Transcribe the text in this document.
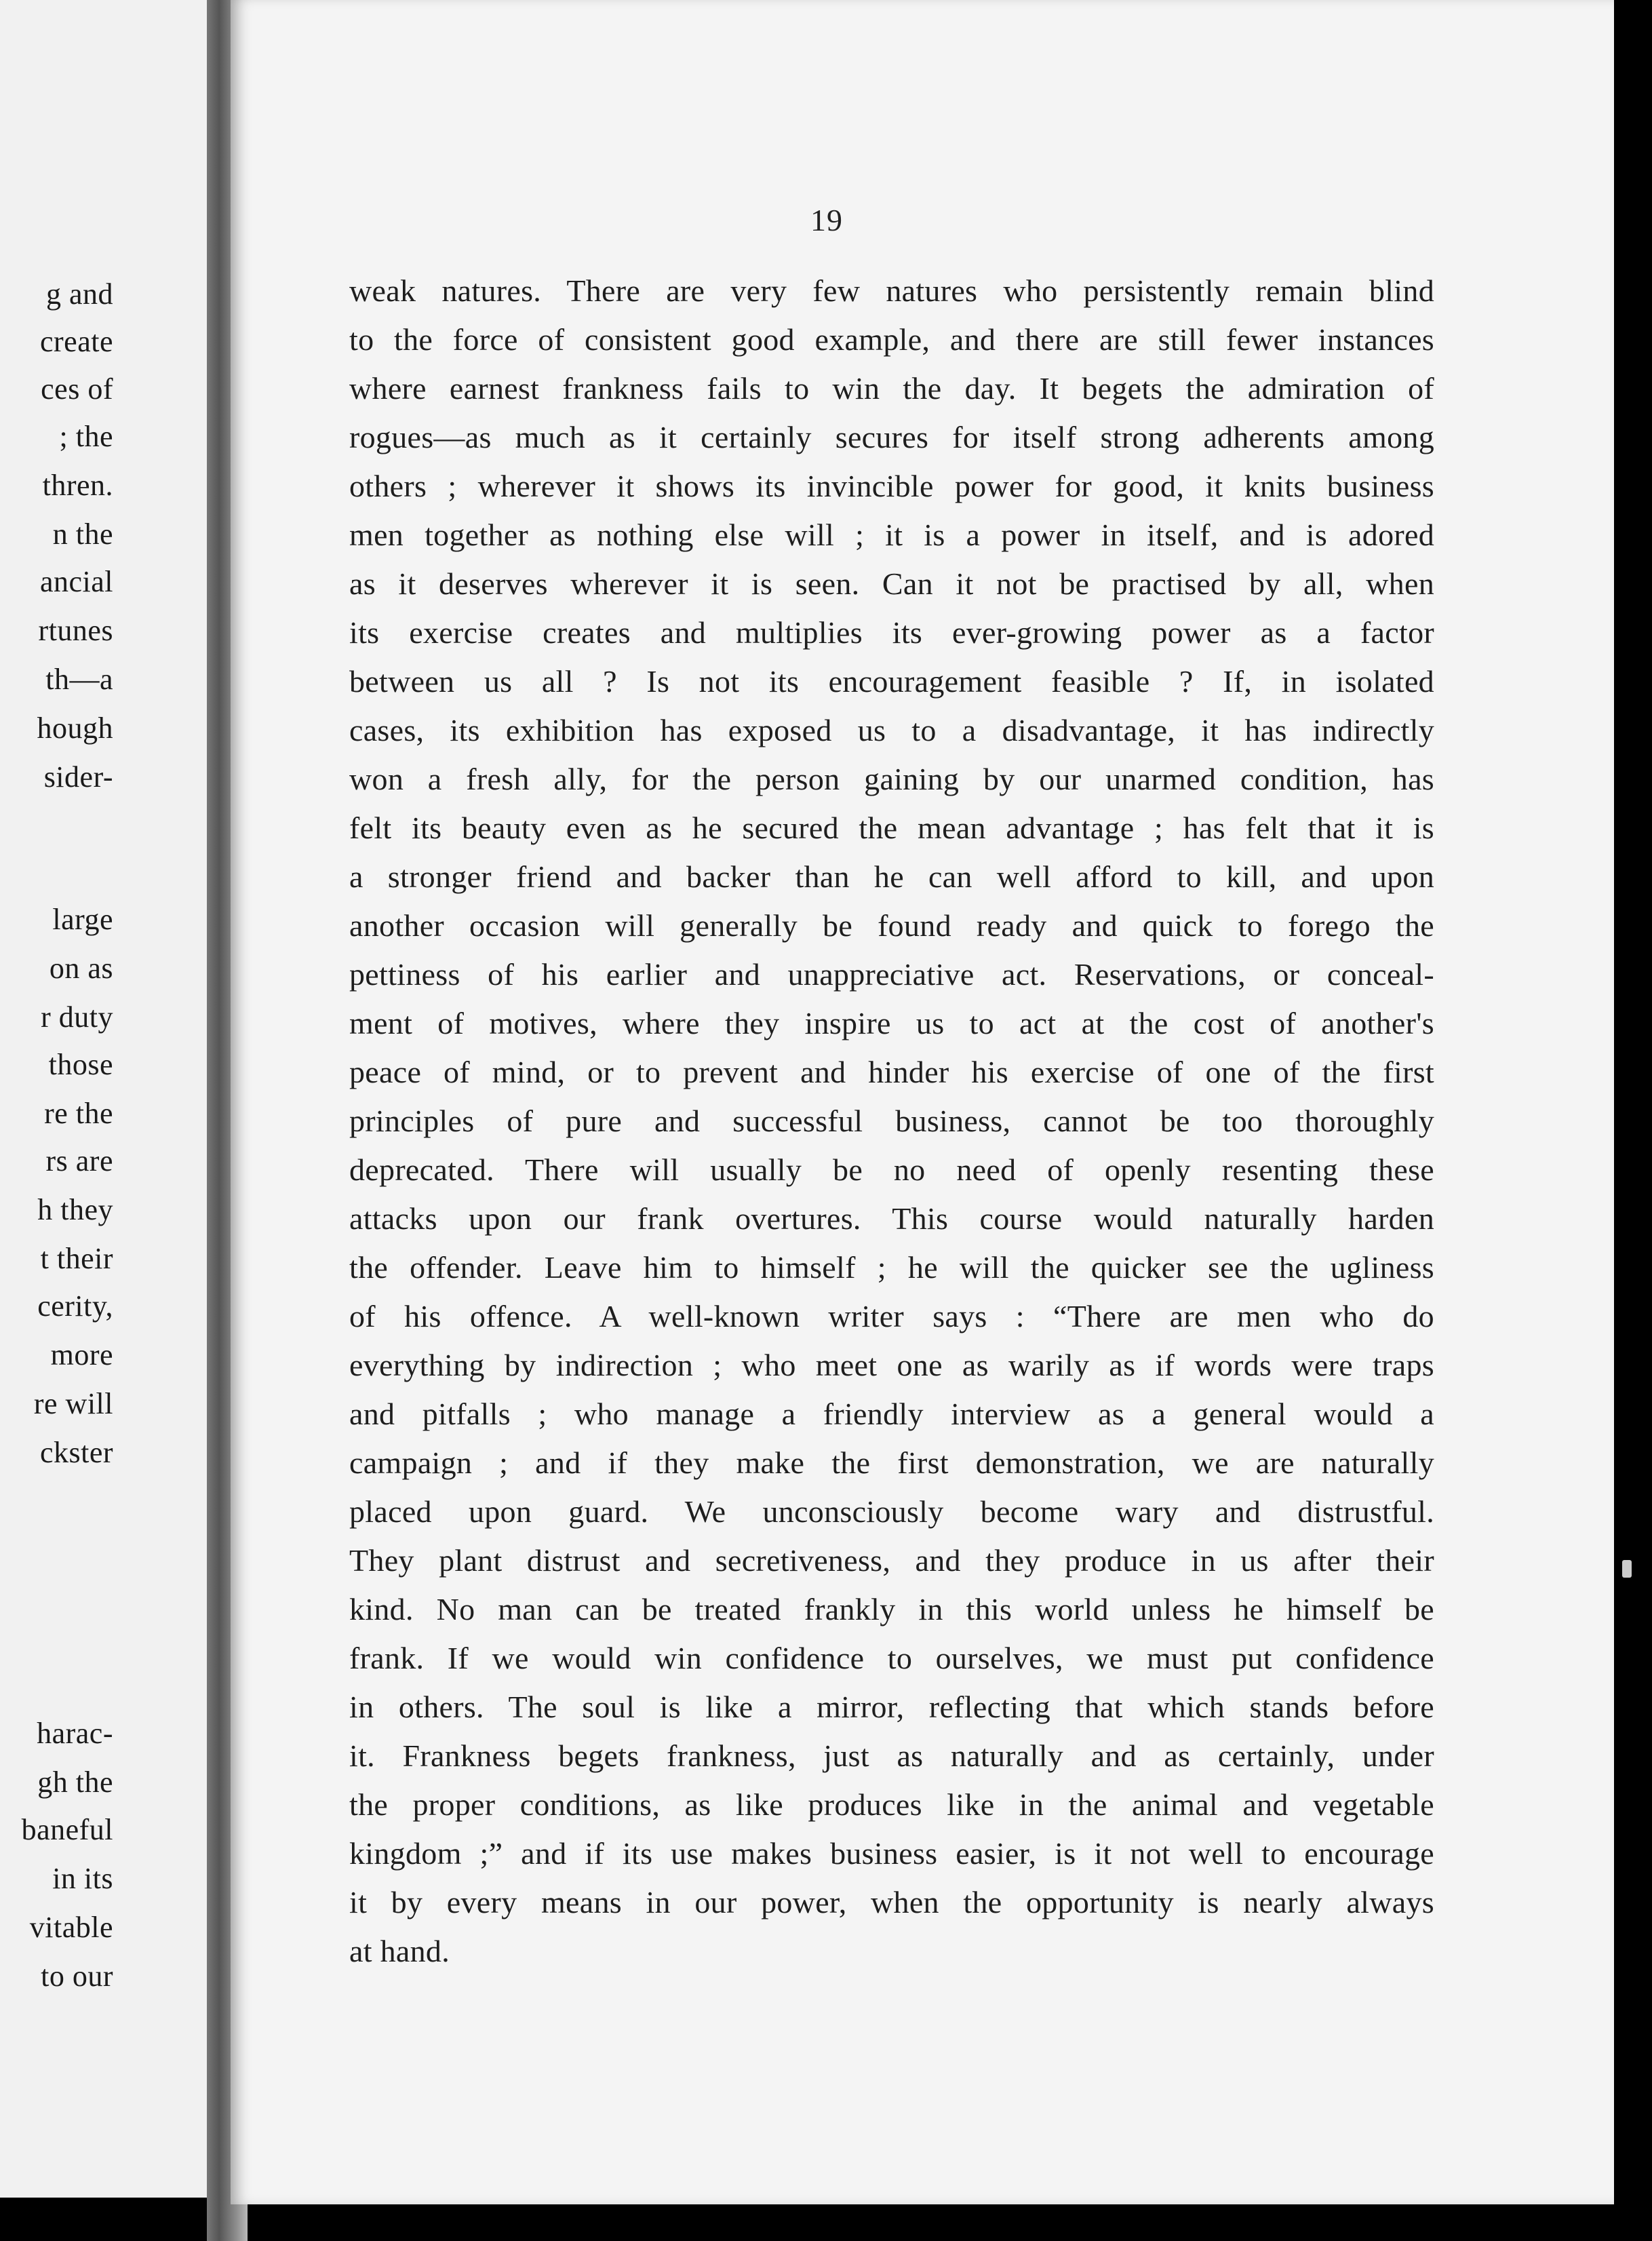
g and
create
ces of
; the
thren.
n the
ancial
rtunes
th—a
hough
sider-
large
on as
r duty
those
re the
rs are
h they
t their
cerity,
more
re will
ckster
harac-
gh the
baneful
in its
vitable
to our
19
weak natures. There are very few natures who persistently remain blind
to the force of consistent good example, and there are still fewer instances
where earnest frankness fails to win the day. It begets the admiration of
rogues—as much as it certainly secures for itself strong adherents among
others ; wherever it shows its invincible power for good, it knits business
men together as nothing else will ; it is a power in itself, and is adored
as it deserves wherever it is seen. Can it not be practised by all, when
its exercise creates and multiplies its ever-growing power as a factor
between us all ? Is not its encouragement feasible ? If, in isolated
cases, its exhibition has exposed us to a disadvantage, it has indirectly
won a fresh ally, for the person gaining by our unarmed condition, has
felt its beauty even as he secured the mean advantage ; has felt that it is
a stronger friend and backer than he can well afford to kill, and upon
another occasion will generally be found ready and quick to forego the
pettiness of his earlier and unappreciative act. Reservations, or conceal-
ment of motives, where they inspire us to act at the cost of another's
peace of mind, or to prevent and hinder his exercise of one of the first
principles of pure and successful business, cannot be too thoroughly
deprecated. There will usually be no need of openly resenting these
attacks upon our frank overtures. This course would naturally harden
the offender. Leave him to himself ; he will the quicker see the ugliness
of his offence. A well-known writer says : “There are men who do
everything by indirection ; who meet one as warily as if words were traps
and pitfalls ; who manage a friendly interview as a general would a
campaign ; and if they make the first demonstration, we are naturally
placed upon guard. We unconsciously become wary and distrustful.
They plant distrust and secretiveness, and they produce in us after their
kind. No man can be treated frankly in this world unless he himself be
frank. If we would win confidence to ourselves, we must put confidence
in others. The soul is like a mirror, reflecting that which stands before
it. Frankness begets frankness, just as naturally and as certainly, under
the proper conditions, as like produces like in the animal and vegetable
kingdom ;” and if its use makes business easier, is it not well to encourage
it by every means in our power, when the opportunity is nearly always
at hand.
